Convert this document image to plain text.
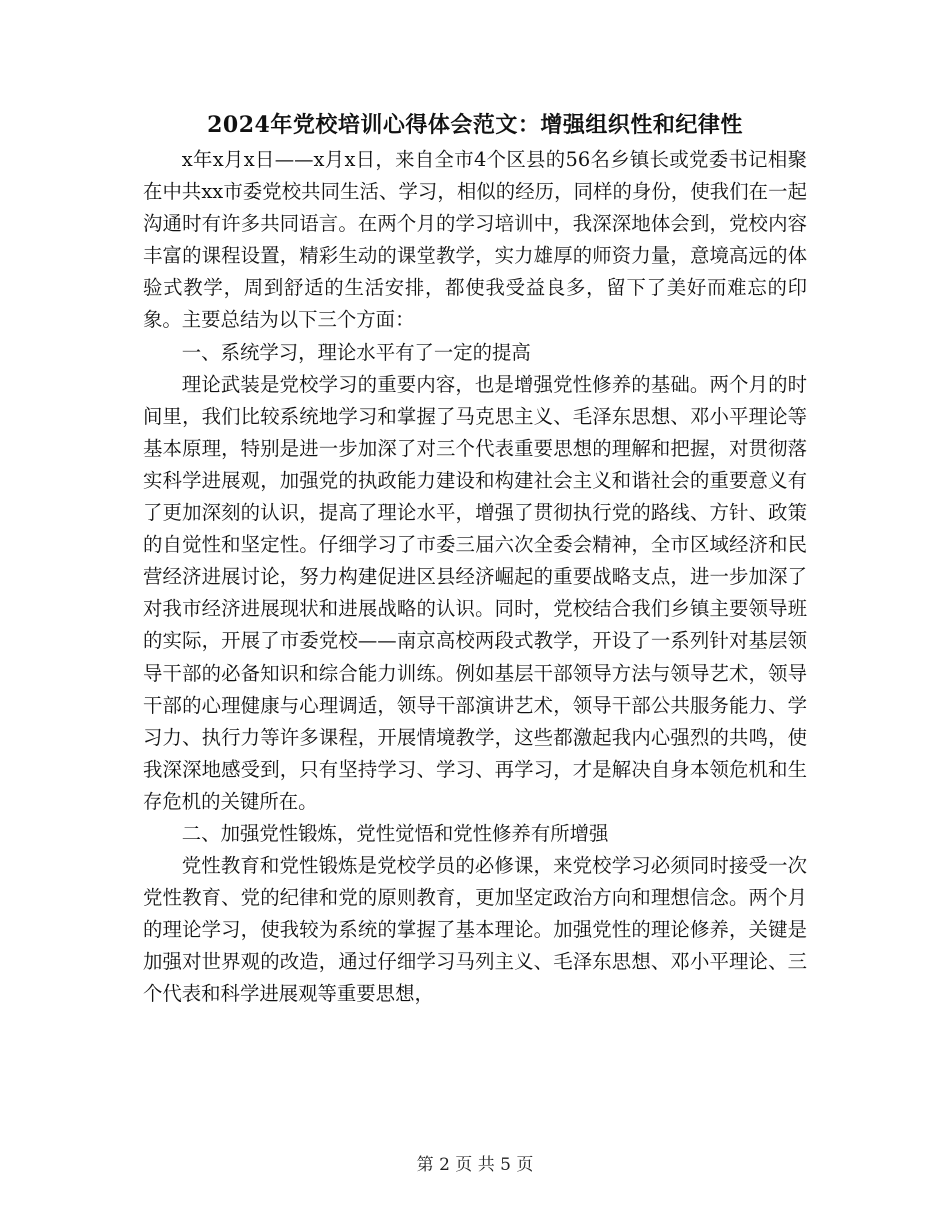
2024年党校培训心得体会范文：增强组织性和纪律性

x年x月x日——x月x日，来自全市4个区县的56名乡镇长或党委书记相聚在中共xx市委党校共同生活、学习，相似的经历，同样的身份，使我们在一起沟通时有许多共同语言。在两个月的学习培训中，我深深地体会到，党校内容丰富的课程设置，精彩生动的课堂教学，实力雄厚的师资力量，意境高远的体验式教学，周到舒适的生活安排，都使我受益良多，留下了美好而难忘的印象。主要总结为以下三个方面：

一、系统学习，理论水平有了一定的提高

理论武装是党校学习的重要内容，也是增强党性修养的基础。两个月的时间里，我们比较系统地学习和掌握了马克思主义、毛泽东思想、邓小平理论等基本原理，特别是进一步加深了对三个代表重要思想的理解和把握，对贯彻落实科学进展观，加强党的执政能力建设和构建社会主义和谐社会的重要意义有了更加深刻的认识，提高了理论水平，增强了贯彻执行党的路线、方针、政策的自觉性和坚定性。仔细学习了市委三届六次全委会精神，全市区域经济和民营经济进展讨论，努力构建促进区县经济崛起的重要战略支点，进一步加深了对我市经济进展现状和进展战略的认识。同时，党校结合我们乡镇主要领导班的实际，开展了市委党校——南京高校两段式教学，开设了一系列针对基层领导干部的必备知识和综合能力训练。例如基层干部领导方法与领导艺术，领导干部的心理健康与心理调适，领导干部演讲艺术，领导干部公共服务能力、学习力、执行力等许多课程，开展情境教学，这些都激起我内心强烈的共鸣，使我深深地感受到，只有坚持学习、学习、再学习，才是解决自身本领危机和生存危机的关键所在。

二、加强党性锻炼，党性觉悟和党性修养有所增强

党性教育和党性锻炼是党校学员的必修课，来党校学习必须同时接受一次党性教育、党的纪律和党的原则教育，更加坚定政治方向和理想信念。两个月的理论学习，使我较为系统的掌握了基本理论。加强党性的理论修养，关键是加强对世界观的改造，通过仔细学习马列主义、毛泽东思想、邓小平理论、三个代表和科学进展观等重要思想，

第 2 页 共 5 页
